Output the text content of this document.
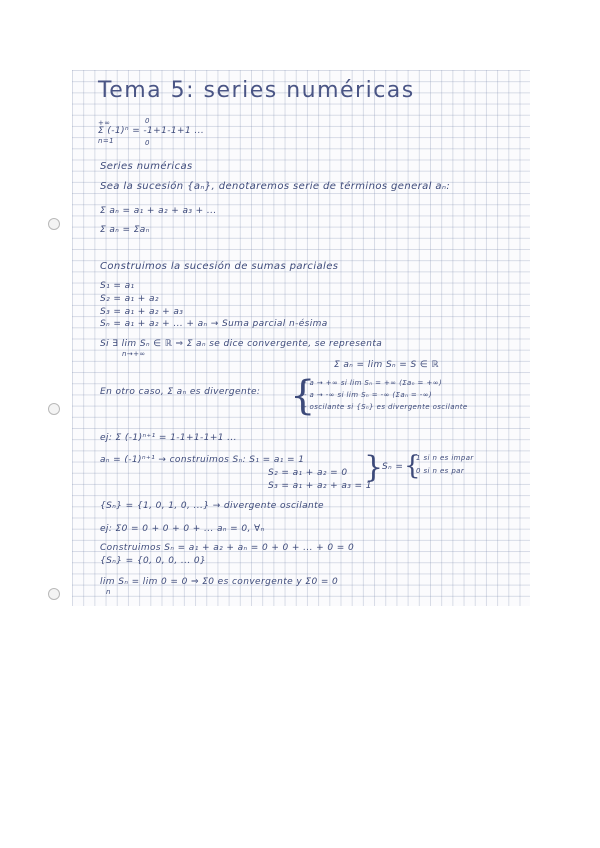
Tema 5: series numéricas
+∞	0
Σ (-1)ⁿ = -1+1-1+1 ...
n=1	0
Series numéricas
Sea la sucesión {aₙ}, denotaremos serie de términos general aₙ:
Σ aₙ = a₁ + a₂ + a₃ + ...
Σ aₙ = Σaₙ
Construimos la sucesión de sumas parciales
S₁ = a₁
S₂ = a₁ + a₂
S₃ = a₁ + a₂ + a₃
Sₙ = a₁ + a₂ + ... + aₙ → Suma parcial n-ésima
Si ∃ lim Sₙ ∈ ℝ ⇒ Σ aₙ se dice convergente, se representa
n→+∞
Σ aₙ = lim Sₙ = S ∈ ℝ
En otro caso, Σ aₙ es divergente: {
- a → +∞ si lim Sₙ = +∞ (Σaₙ = +∞)
- a → -∞ si lim Sₙ = -∞ (Σaₙ = -∞)
- oscilante si {Sₙ} es divergente oscilante
ej: Σ (-1)ⁿ⁺¹ = 1-1+1-1+1 ...
aₙ = (-1)ⁿ⁺¹ → construimos Sₙ: S₁ = a₁ = 1
S₂ = a₁ + a₂ = 0
S₃ = a₁ + a₂ + a₃ = 1
}
Sₙ = {
1 si n es impar
0 si n es par
{Sₙ} = {1, 0, 1, 0, ...} → divergente oscilante
ej: Σ0 = 0 + 0 + 0 + ... aₙ = 0, ∀ₙ
Construimos Sₙ = a₁ + a₂ + aₙ = 0 + 0 + ... + 0 = 0
{Sₙ} = {0, 0, 0, ... 0}
lim Sₙ = lim 0 = 0 ⇒ Σ0 es convergente y Σ0 = 0
n
